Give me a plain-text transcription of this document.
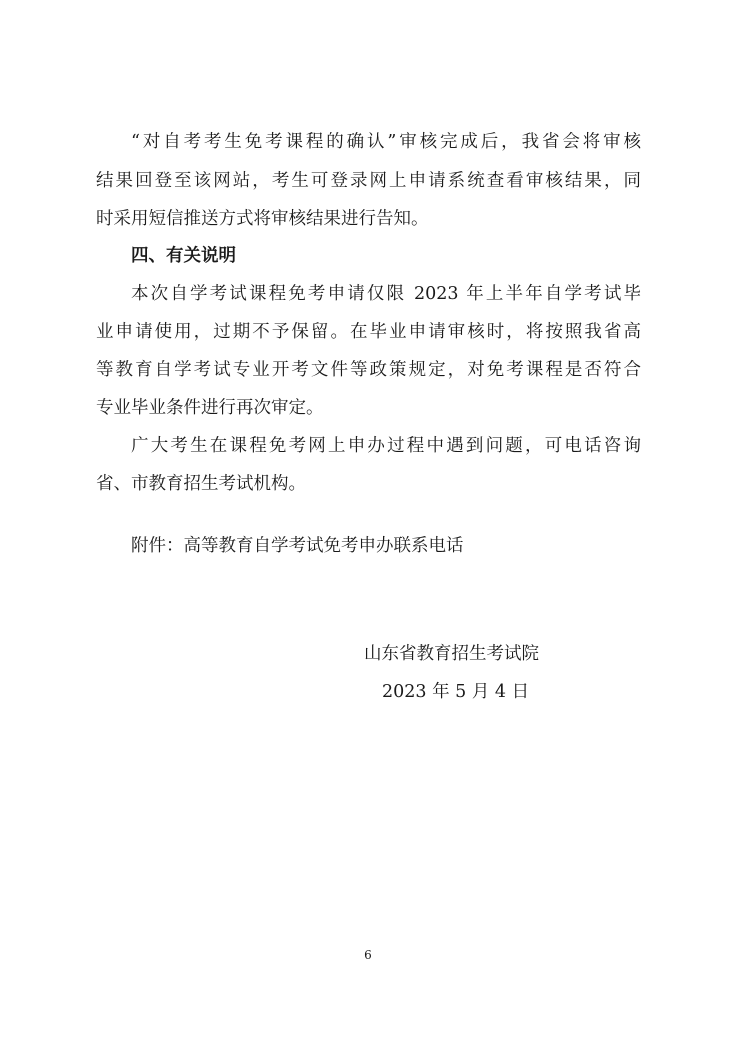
“对自考考生免考课程的确认”审核完成后，我省会将审核
结果回登至该网站，考生可登录网上申请系统查看审核结果，同
时采用短信推送方式将审核结果进行告知。
四、有关说明
本次自学考试课程免考申请仅限 2023 年上半年自学考试毕
业申请使用，过期不予保留。在毕业申请审核时，将按照我省高
等教育自学考试专业开考文件等政策规定，对免考课程是否符合
专业毕业条件进行再次审定。
广大考生在课程免考网上申办过程中遇到问题，可电话咨询
省、市教育招生考试机构。
附件：高等教育自学考试免考申办联系电话
山东省教育招生考试院
2023 年 5 月 4 日
6
